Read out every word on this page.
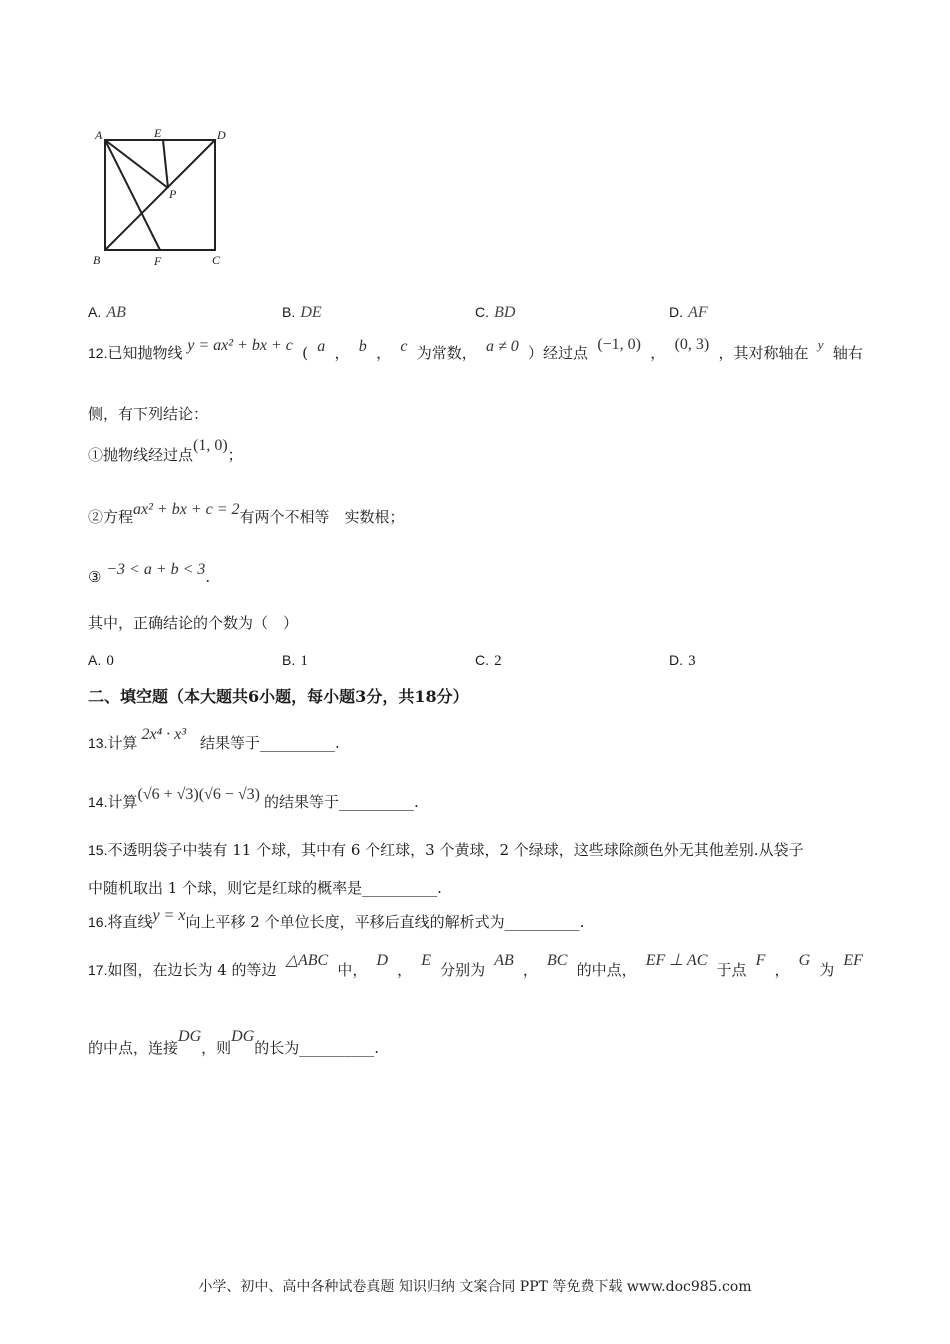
A	E	D
P
B	F	C
A. AB	B. DE	C. BD	D. AF
12.已知抛物线 y = ax² + bx + c ( a ， b ， c 为常数， a ≠ 0 ）经过点 (−1, 0) ， (0, 3) ，其对称轴在 y 轴右
侧，有下列结论：
①抛物线经过点(1, 0)；
②方程ax² + bx + c = 2有两个不相等　实数根；
③ −3 < a + b < 3.
其中，正确结论的个数为（　）
A. 0	B. 1	C. 2	D. 3
二、填空题（本大题共6小题，每小题3分，共18分）
13.计算 2x⁴ · x³ 结果等于__________.
14.计算(√6 + √3)(√6 − √3) 的结果等于__________.
15.不透明袋子中装有 11 个球，其中有 6 个红球，3 个黄球，2 个绿球，这些球除颜色外无其他差别.从袋子
中随机取出 1 个球，则它是红球的概率是__________.
16.将直线y = x向上平移 2 个单位长度，平移后直线的解析式为__________.
17.如图，在边长为 4 的等边
△ABC
中，
D
，
E
分别为
AB
，
BC
的中点，
EF ⊥ AC
于点
F
，
G
为
EF
的中点，连接DG，则DG的长为__________.
小学、初中、高中各种试卷真题 知识归纳 文案合同 PPT 等免费下载 www.doc985.com
